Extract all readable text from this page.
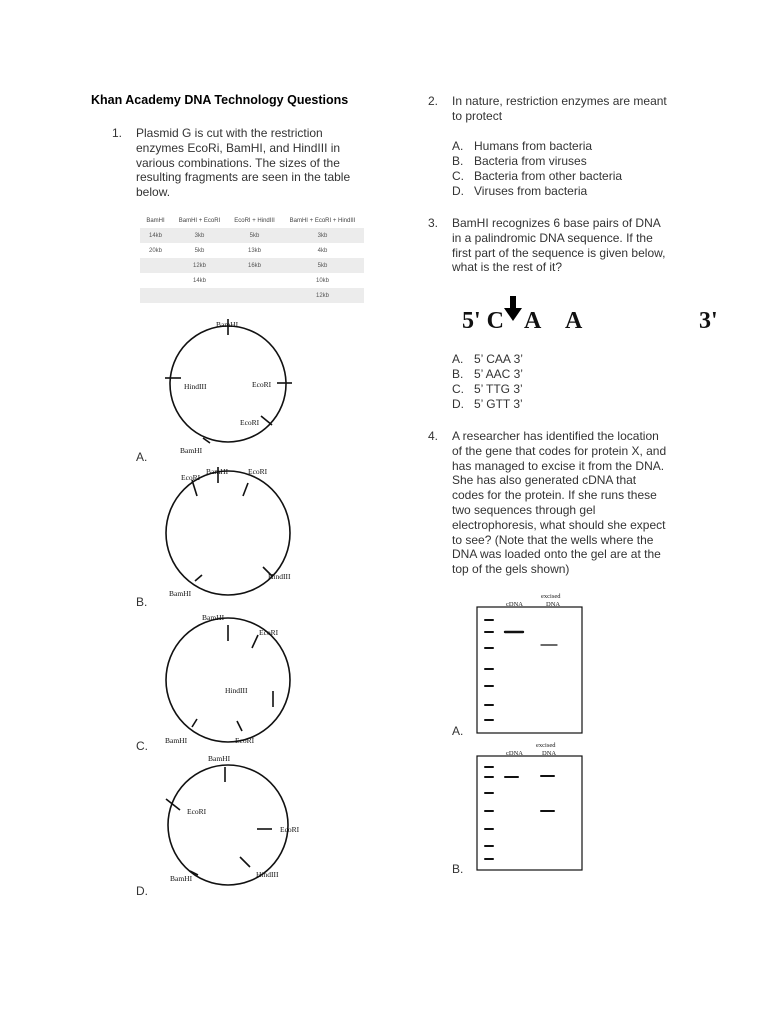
Khan Academy DNA Technology Questions
1. Plasmid G is cut with the restriction
enzymes EcoRi, BamHI, and HindIII in
various combinations. The sizes of the
resulting fragments are seen in the table
below.
BamHI	BamHI + EcoRI	EcoRI + HindIII	BamHI + EcoRI + HindIII
14kb	3kb	5kb	3kb
20kb	5kb	13kb	4kb
	12kb	16kb	5kb
	14kb		10kb
			12kb
BamHI
HindIII	EcoRI
EcoRI
BamHI
EcoRI
BamHI	EcoRI
HindIII
BamHI
BamHI
EcoRI
HindIII
BamHI	EcoRI
BamHI
EcoRI
EcoRI
BamHI	HindIII
A.
B.
C.
D.
2. In nature, restriction enzymes are meant
to protect
A. Humans from bacteria
B. Bacteria from viruses
C. Bacteria from other bacteria
D. Viruses from bacteria
3. BamHI recognizes 6 base pairs of DNA
in a palindromic DNA sequence. If the
first part of the sequence is given below,
what is the rest of it?
5' C A A	3'
A. 5’ CAA 3’
B. 5’ AAC 3’
C. 5’ TTG 3’
D. 5’ GTT 3’
4. A researcher has identified the location
of the gene that codes for protein X, and
has managed to excise it from the DNA.
She has also generated cDNA that
codes for the protein. If she runs these
two sequences through gel
electrophoresis, what should she expect
to see? (Note that the wells where the
DNA was loaded onto the gel are at the
top of the gels shown)
cDNA
excised
DNA
A.
cDNA
excised
DNA
B.
